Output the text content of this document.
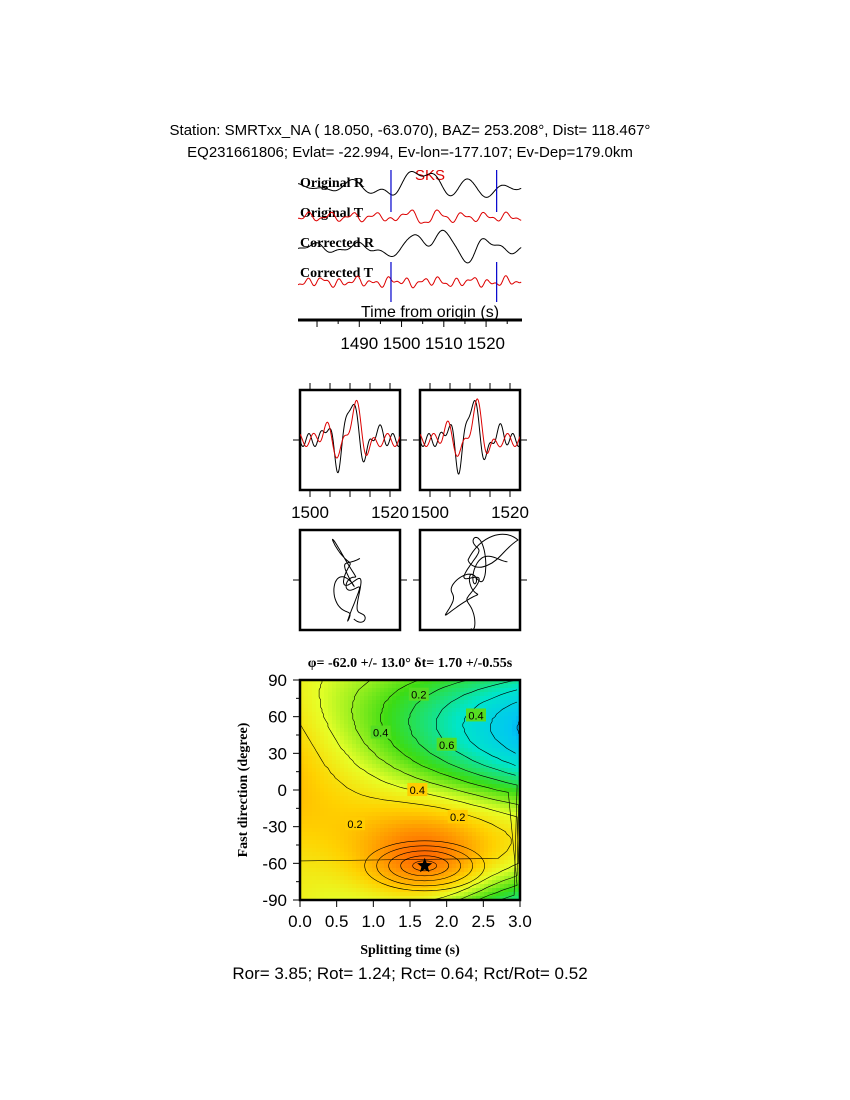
Station: SMRTxx_NA ( 18.050, -63.070), BAZ= 253.208°, Dist= 118.467°
EQ231661806; Evlat= -22.994, Ev-lon=-177.107; Ev-Dep=179.0km
Original R
Original T
Corrected R
Corrected T
SKS
Time from origin (s)
1490 1500 1510 1520
1500 1520 1500 1520
φ= -62.0 +/- 13.0° δt= 1.70 +/-0.55s
0.2
0.4
0.4
0.6
0.4
0.2
0.2
0.0 0.5 1.0 1.5 2.0 2.5 3.0
90
60
30
0
-30
-60
-90
Splitting time (s)
Fast direction (degree)
Ror= 3.85; Rot= 1.24; Rct= 0.64; Rct/Rot= 0.52
